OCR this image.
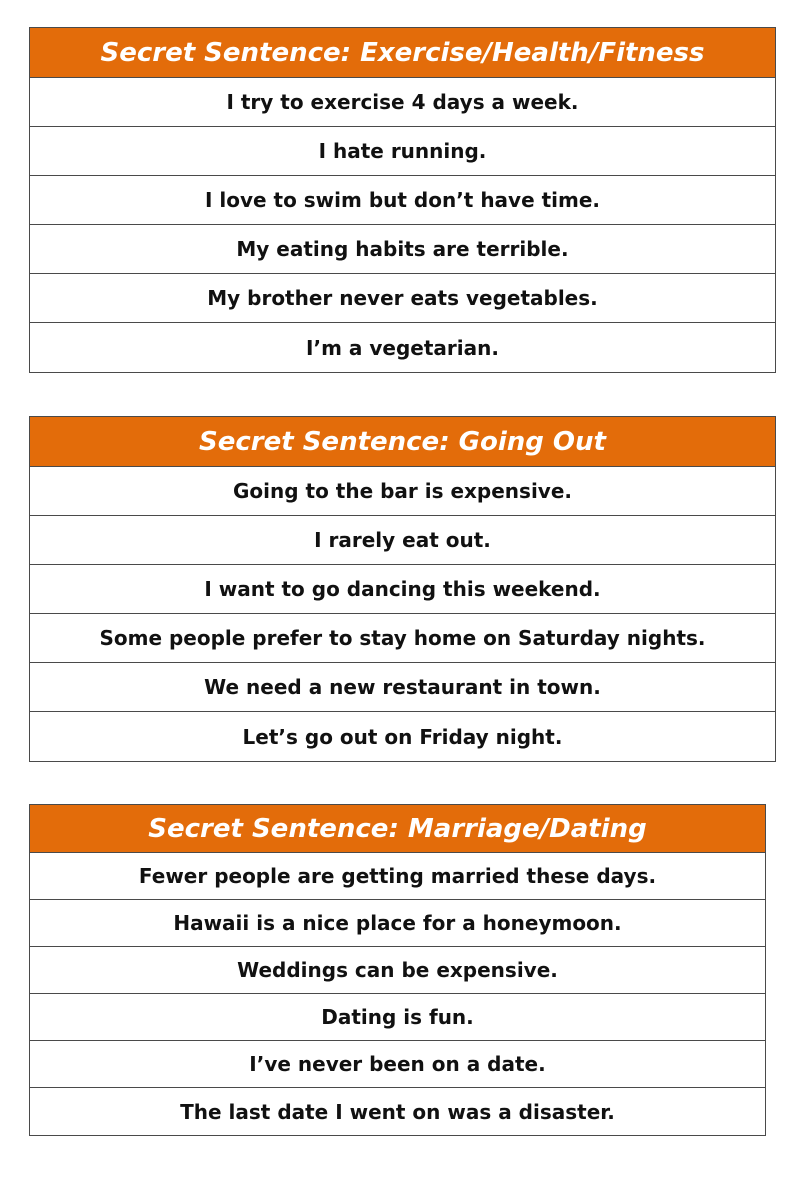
Secret Sentence: Exercise/Health/Fitness
I try to exercise 4 days a week.
I hate running.
I love to swim but don’t have time.
My eating habits are terrible.
My brother never eats vegetables.
I’m a vegetarian.
Secret Sentence: Going Out
Going to the bar is expensive.
I rarely eat out.
I want to go dancing this weekend.
Some people prefer to stay home on Saturday nights.
We need a new restaurant in town.
Let’s go out on Friday night.
Secret Sentence: Marriage/Dating
Fewer people are getting married these days.
Hawaii is a nice place for a honeymoon.
Weddings can be expensive.
Dating is fun.
I’ve never been on a date.
The last date I went on was a disaster.
